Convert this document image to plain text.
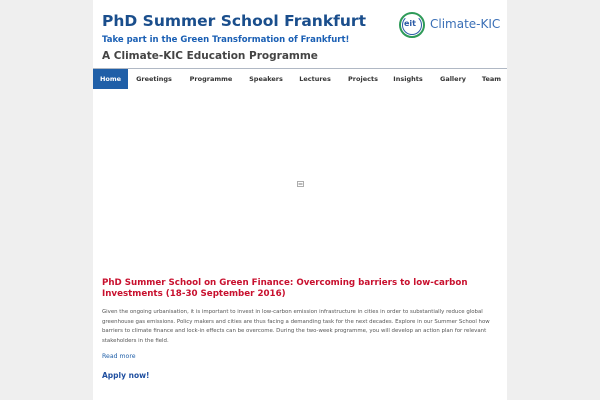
PhD Summer School Frankfurt
Take part in the Green Transformation of Frankfurt!
A Climate-KIC Education Programme
eit Climate-KIC
Home	Greetings	Programme	Speakers	Lectures	Projects	Insights	Gallery	Team
PhD Summer School on Green Finance: Overcoming barriers to low-carbon Investments (18-30 September 2016)
Given the ongoing urbanisation, it is important to invest in low-carbon emission infrastructure in cities in order to substantially reduce global greenhouse gas emissions. Policy makers and cities are thus facing a demanding task for the next decades. Explore in our Summer School how barriers to climate finance and lock-in effects can be overcome. During the two-week programme, you will develop an action plan for relevant stakeholders in the field.
Read more
Apply now!
